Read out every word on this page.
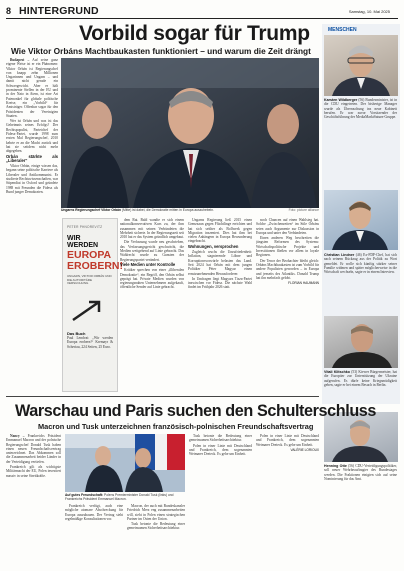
8 HINTERGRUND	Samstag, 10. Mai 2025
Vorbild sogar für Trump
Wie Viktor Orbáns Machtbaukasten funktioniert – und warum die Zeit drängt
MENSCHEN
Karsten Wildberger (56) Bundesminister, ist in die CDU eingetreten. Der bisherige Manager wurde als Überraschung ins neue Kabinett berufen. Er war zuvor Vorsitzender der Geschäftsführung der MediaMarktSaturn-Gruppe.
Christian Lindner (46) Ex-FDP-Chef, hat sich nach seinem Rückzug aus der Politik zu Wort gemeldet. Er wolle sich künftig stärker seiner Familie widmen und später möglicherweise in die Wirtschaft wechseln, sagte er in einem Interview.
Vitali Klitschko (53) Kiewer Bürgermeister, hat die Europäer zur Unterstützung der Ukraine aufgerufen. Es dürfe keine Kriegsmüdigkeit geben, sagte er bei einem Besuch in Berlin.
Henning Otte (56) CDU-Verteidigungspolitiker, soll neuer Wehrbeauftragter des Bundestages werden. Die Fraktionen einigten sich auf seine Nominierung für das Amt.

Budapest – Auf seine ganz eigene Weise ist er ein Phänomen: Viktor Orbán ist Regierungschef von knapp zehn Millionen Ungarinnen und Ungarn – und damit nicht gerade ein Schwergewicht. Aber er hält prominente Stellen in der EU und in der Nato in Atem, ist eine Art Patenonkel für globale politische Kreise, ein „Vorbild“ für Amtsträger. Offenbar sogar für den Präsidenten der Vereinigten Staaten.

Wer ist Orbán und was ist das Geheimnis seines Erfolgs? Der Rechtspopulist, Parteichef der Fidesz-Partei, wurde 1998 zum ersten Mal Regierungschef, 2010 kehrte er an die Macht zurück und hat sie seitdem nicht mehr abgegeben.

Orbán stärkte als „Liberaler“

Viktor Orbán, einige wissen das, begann seine politische Karriere als Liberaler und Antikommunist. Er studierte Rechtswissenschaften, war Stipendiat in Oxford und gründete 1988 mit Freunden die Fidesz als Bund junger Demokraten.

Ungarns Regierungschef Viktor Orbán (Mitte) ist dabei, die Demokratie mitten in Europa auszuhebeln.	Foto: picture alliance
PETER PHNOREVITZ
WIR WERDEN
EUROPA
EROBERN!
UNGARN, VIKTOR ORBÁN UND DIE AUTORITÄRE VERSUCHUNG
Das Buch
Paul Lendvai: „Wir werden Europa erobern!“ Kremayr & Scheriau, 224 Seiten, 25 Euro.

dem Rat. Bald wandte er sich einem nationalkonservativen Kurs zu, der ihm zusammen mit seinen Verbündeten die Mehrheit sicherte. In der Regierungszeit seit 2010 hat er das System gründlich umgebaut.

Die Verfassung wurde neu geschrieben, das Verfassungsgericht geschwächt, die Medien weitgehend auf Linie gebracht. Das Wahlrecht wurde zu Gunsten der Regierungspartei verändert.

Viele Medien unter Kontrolle

Kritiker sprechen von einer „illiberalen Demokratie“, ein Begriff, den Orbán selbst geprägt hat. Private Medien wurden von regierungsnahen Unternehmern aufgekauft, öffentliche Sender auf Linie gebracht.

Ungarns Regierung ließ 2015 einen Grenzzaun gegen Flüchtlinge errichten und hat sich seither als Bollwerk gegen Migration inszeniert. Dies hat ihm bei vielen Anhängern in Europa Bewunderung eingebracht.

Wohnungen, versprochen

Zugleich wuchs die Unzufriedenheit: Inflation, stagnierende Löhne und Korruptionsvorwürfe belasten das Land. Seit 2024 hat Orbán mit dem jungen Politiker Péter Magyar einen ernstzunehmenden Herausforderer.

In Umfragen liegt Magyars Tisza-Partei inzwischen vor Fidesz. Die nächste Wahl findet im Frühjahr 2026 statt.

noch Chancen auf einen Wahlsieg hat. Solche „Zwischenzeiten“ im Stile Orbáns seien auch Argumente zur Diskussion in Europa und unter den Verbündeten.

Einen anderen Weg beschreiten die jüngsten Reformen des Systems: Wirtschaftspolitische Projekte und Investitionen fließen vor allem in loyale Regionen.

Der Tenor der Beobachter bleibt gleich: Orbáns Machtbaukasten ist zum Vorbild für andere Populisten geworden – in Europa und jenseits des Atlantiks. Donald Trump hat ihn mehrfach gelobt.

FLORIAN HAUMANN

Warschau und Paris suchen den Schulterschluss
Macron und Tusk unterzeichnen französisch-polnischen Freundschaftsvertrag

Nancy – Frankreichs Präsident Emmanuel Macron und der polnische Regierungschef Donald Tusk haben einen neuen Freundschaftsvertrag unterzeichnet. Das Abkommen soll die Zusammenarbeit beider Länder in der Verteidigung vertiefen.

Frankreich gilt als wichtigste Militärmacht der EU, Polen investiert massiv in seine Streitkräfte.

Auf gutes Freundschaft: Polens Premierminister Donald Tusk (links) und Frankreichs Präsident Emmanuel Macron.

Frankreich verfügt, auch eine mögliche atomare Abschreckung für Europa auszubauen. Der Vertrag sieht regelmäßige Konsultationen vor.

Macron, der auch mit Bundeskanzler Friedrich Merz eng zusammenarbeiten will, sieht in Polen einen strategischen Partner im Osten der Union.

Tusk betonte die Bedeutung einer gemeinsamen Sicherheitsarchitektur.

Tusk betonte die Bedeutung einer gemeinsamen Sicherheitsarchitektur.

Polen in einer Linie mit Deutschland und Frankreich, dem sogenannten Weimarer Dreieck. Es gehe um Einheit.

Polen in einer Linie mit Deutschland und Frankreich, dem sogenannten Weimarer Dreieck. Es gehe um Einheit.

VALÉRIE LORIOUX
